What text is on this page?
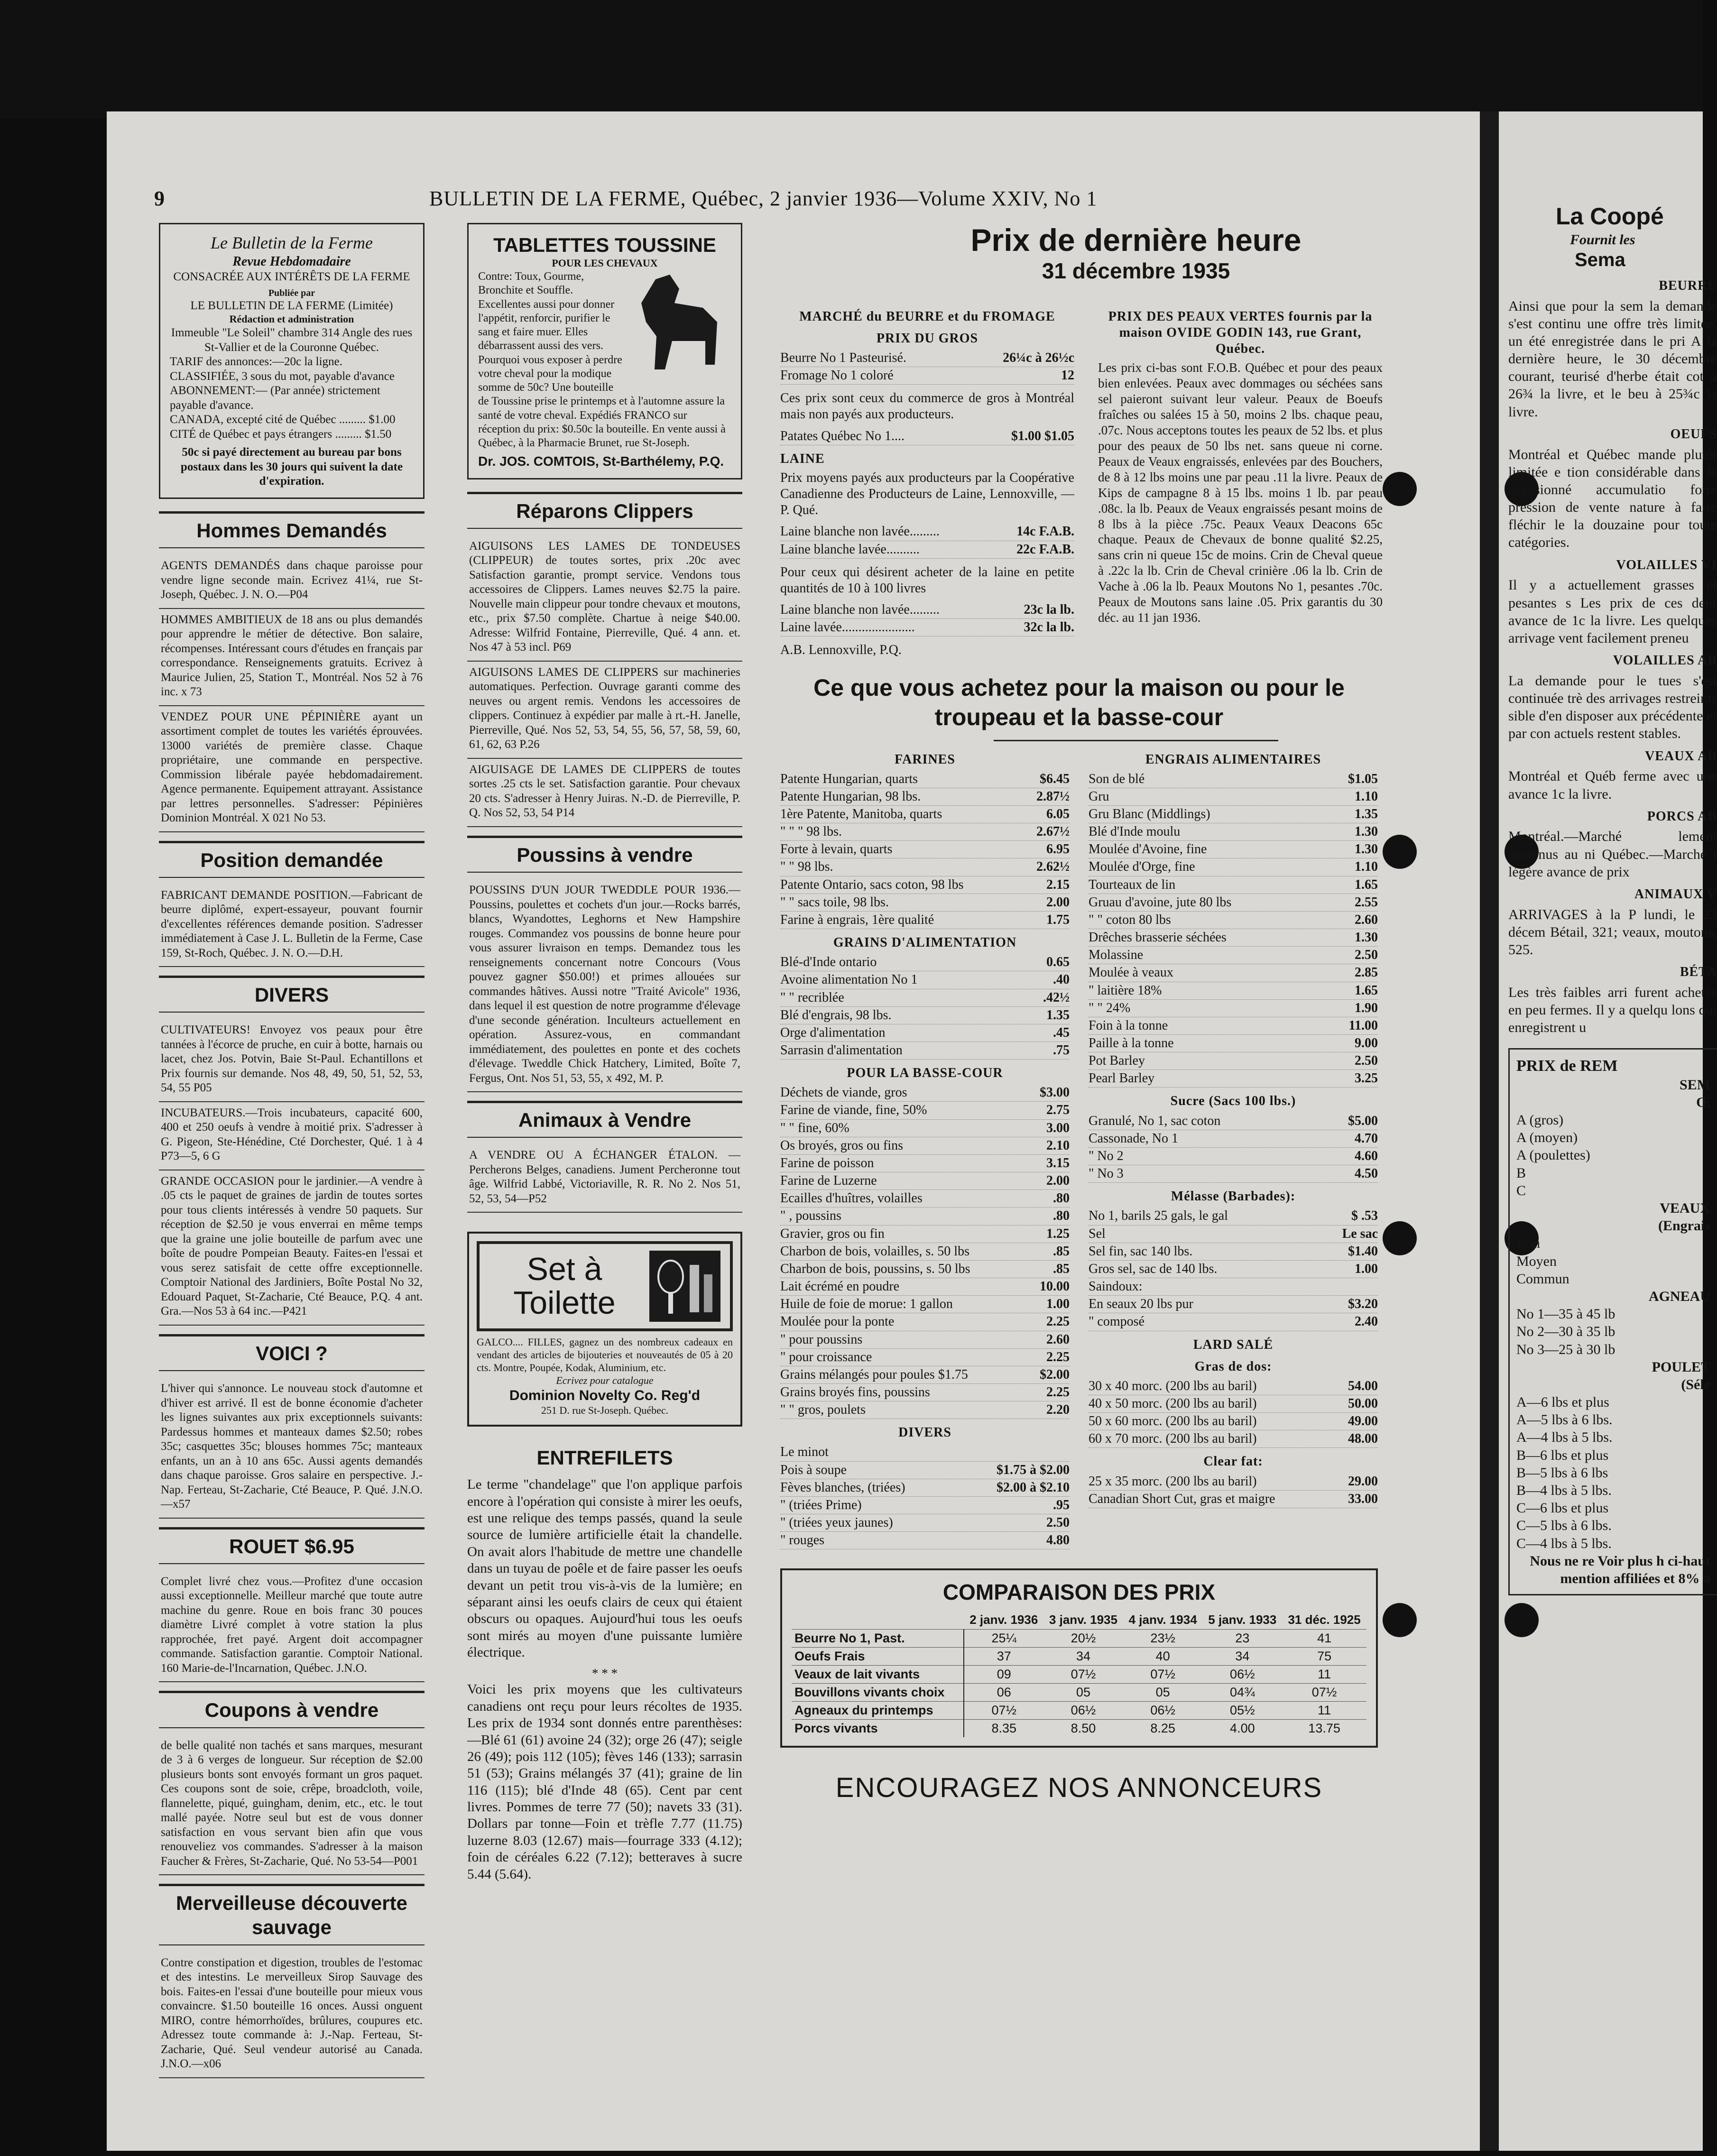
9	BULLETIN DE LA FERME, Québec, 2 janvier 1936—Volume XXIV, No 1
Le Bulletin de la Ferme
Revue Hebdomadaire
CONSACRÉE AUX INTÉRÊTS DE LA FERME
Publiée par
LE BULLETIN DE LA FERME (Limitée)
Rédaction et administration
Immeuble "Le Soleil" chambre 314 Angle des rues St-Vallier et de la Couronne Québec.
TARIF des annonces:—20c la ligne.
CLASSIFIÉE, 3 sous du mot, payable d'avance
ABONNEMENT:— (Par année) strictement payable d'avance.
CANADA, excepté cité de Québec ......... $1.00
CITÉ de Québec et pays étrangers ......... $1.50
50c si payé directement au bureau par bons postaux dans les 30 jours qui suivent la date d'expiration.
Hommes Demandés
AGENTS DEMANDÉS dans chaque paroisse pour vendre ligne seconde main. Ecrivez 41¼, rue St-Joseph, Québec. J. N. O.—P04
HOMMES AMBITIEUX de 18 ans ou plus demandés pour apprendre le métier de détective. Bon salaire, récompenses. Intéressant cours d'études en français par correspondance. Renseignements gratuits. Ecrivez à Maurice Julien, 25, Station T., Montréal. Nos 52 à 76 inc. x 73
VENDEZ POUR UNE PÉPINIÈRE ayant un assortiment complet de toutes les variétés éprouvées. 13000 variétés de première classe. Chaque propriétaire, une commande en perspective. Commission libérale payée hebdomadairement. Agence permanente. Equipement attrayant. Assistance par lettres personnelles. S'adresser: Pépinières Dominion Montréal. X 021 No 53.
Position demandée
FABRICANT DEMANDE POSITION.—Fabricant de beurre diplômé, expert-essayeur, pouvant fournir d'excellentes références demande position. S'adresser immédiatement à Case J. L. Bulletin de la Ferme, Case 159, St-Roch, Québec. J. N. O.—D.H.
DIVERS
CULTIVATEURS! Envoyez vos peaux pour être tannées à l'écorce de pruche, en cuir à botte, harnais ou lacet, chez Jos. Potvin, Baie St-Paul. Echantillons et Prix fournis sur demande. Nos 48, 49, 50, 51, 52, 53, 54, 55 P05
INCUBATEURS.—Trois incubateurs, capacité 600, 400 et 250 oeufs à vendre à moitié prix. S'adresser à G. Pigeon, Ste-Hénédine, Cté Dorchester, Qué. 1 à 4 P73—5, 6 G
GRANDE OCCASION pour le jardinier.—A vendre à .05 cts le paquet de graines de jardin de toutes sortes pour tous clients intéressés à vendre 50 paquets. Sur réception de $2.50 je vous enverrai en même temps que la graine une jolie bouteille de parfum avec une boîte de poudre Pompeian Beauty. Faites-en l'essai et vous serez satisfait de cette offre exceptionnelle. Comptoir National des Jardiniers, Boîte Postal No 32, Edouard Paquet, St-Zacharie, Cté Beauce, P.Q. 4 ant. Gra.—Nos 53 à 64 inc.—P421
VOICI ?
L'hiver qui s'annonce. Le nouveau stock d'automne et d'hiver est arrivé. Il est de bonne économie d'acheter les lignes suivantes aux prix exceptionnels suivants: Pardessus hommes et manteaux dames $2.50; robes 35c; casquettes 35c; blouses hommes 75c; manteaux enfants, un an à 10 ans 65c. Aussi agents demandés dans chaque paroisse. Gros salaire en perspective. J.-Nap. Ferteau, St-Zacharie, Cté Beauce, P. Qué. J.N.O.—x57
ROUET $6.95
Complet livré chez vous.—Profitez d'une occasion aussi exceptionnelle. Meilleur marché que toute autre machine du genre. Roue en bois franc 30 pouces diamètre Livré complet à votre station la plus rapprochée, fret payé. Argent doit accompagner commande. Satisfaction garantie. Comptoir National. 160 Marie-de-l'Incarnation, Québec. J.N.O.
Coupons à vendre
de belle qualité non tachés et sans marques, mesurant de 3 à 6 verges de longueur. Sur réception de $2.00 plusieurs bonts sont envoyés formant un gros paquet. Ces coupons sont de soie, crêpe, broadcloth, voile, flannelette, piqué, guingham, denim, etc., etc. le tout mallé payée. Notre seul but est de vous donner satisfaction en vous servant bien afin que vous renouveliez vos commandes. S'adresser à la maison Faucher & Frères, St-Zacharie, Qué. No 53-54—P001
Merveilleuse découverte sauvage
Contre constipation et digestion, troubles de l'estomac et des intestins. Le merveilleux Sirop Sauvage des bois. Faites-en l'essai d'une bouteille pour mieux vous convaincre. $1.50 bouteille 16 onces. Aussi onguent MIRO, contre hémorrhoïdes, brûlures, coupures etc. Adressez toute commande à: J.-Nap. Ferteau, St-Zacharie, Qué. Seul vendeur autorisé au Canada. J.N.O.—x06
TABLETTES TOUSSINE
POUR LES CHEVAUX
Contre: Toux, Gourme, Bronchite et Souffle. Excellentes aussi pour donner l'appétit, renforcir, purifier le sang et faire muer. Elles débarrassent aussi des vers. Pourquoi vous exposer à perdre votre cheval pour la modique somme de 50c? Une bouteille de Toussine prise le printemps et à l'automne assure la santé de votre cheval. Expédiés FRANCO sur réception du prix: $0.50c la bouteille. En vente aussi à Québec, à la Pharmacie Brunet, rue St-Joseph.
Dr. JOS. COMTOIS, St-Barthélemy, P.Q.
Réparons Clippers
AIGUISONS LES LAMES DE TONDEUSES (CLIPPEUR) de toutes sortes, prix .20c avec Satisfaction garantie, prompt service. Vendons tous accessoires de Clippers. Lames neuves $2.75 la paire. Nouvelle main clippeur pour tondre chevaux et moutons, etc., prix $7.50 complète. Chartue à neige $40.00. Adresse: Wilfrid Fontaine, Pierreville, Qué. 4 ann. et. Nos 47 à 53 incl. P69
AIGUISONS LAMES DE CLIPPERS sur machineries automatiques. Perfection. Ouvrage garanti comme des neuves ou argent remis. Vendons les accessoires de clippers. Continuez à expédier par malle à rt.-H. Janelle, Pierreville, Qué. Nos 52, 53, 54, 55, 56, 57, 58, 59, 60, 61, 62, 63 P.26
AIGUISAGE DE LAMES DE CLIPPERS de toutes sortes .25 cts le set. Satisfaction garantie. Pour chevaux 20 cts. S'adresser à Henry Juiras. N.-D. de Pierreville, P. Q. Nos 52, 53, 54 P14
Poussins à vendre
POUSSINS D'UN JOUR TWEDDLE POUR 1936.—Poussins, poulettes et cochets d'un jour.—Rocks barrés, blancs, Wyandottes, Leghorns et New Hampshire rouges. Commandez vos poussins de bonne heure pour vous assurer livraison en temps. Demandez tous les renseignements concernant notre Concours (Vous pouvez gagner $50.00!) et primes allouées sur commandes hâtives. Aussi notre "Traité Avicole" 1936, dans lequel il est question de notre programme d'élevage d'une seconde génération. Inculteurs actuellement en opération. Assurez-vous, en commandant immédiatement, des poulettes en ponte et des cochets d'élevage. Tweddle Chick Hatchery, Limited, Boîte 7, Fergus, Ont. Nos 51, 53, 55, x 492, M. P.
Animaux à Vendre
A VENDRE OU A ÉCHANGER ÉTALON. —Percherons Belges, canadiens. Jument Percheronne tout âge. Wilfrid Labbé, Victoriaville, R. R. No 2. Nos 51, 52, 53, 54—P52
Set à Toilette
GALCO.... FILLES, gagnez un des nombreux cadeaux en vendant des articles de bijouteries et nouveautés de 05 à 20 cts. Montre, Poupée, Kodak, Aluminium, etc.
Ecrivez pour catalogue
Dominion Novelty Co. Reg'd
251 D. rue St-Joseph. Québec.
ENTREFILETS
Le terme "chandelage" que l'on applique parfois encore à l'opération qui consiste à mirer les oeufs, est une relique des temps passés, quand la seule source de lumière artificielle était la chandelle. On avait alors l'habitude de mettre une chandelle dans un tuyau de poêle et de faire passer les oeufs devant un petit trou vis-à-vis de la lumière; en séparant ainsi les oeufs clairs de ceux qui étaient obscurs ou opaques. Aujourd'hui tous les oeufs sont mirés au moyen d'une puissante lumière électrique.
* * *
Voici les prix moyens que les cultivateurs canadiens ont reçu pour leurs récoltes de 1935. Les prix de 1934 sont donnés entre parenthèses:—Blé 61 (61) avoine 24 (32); orge 26 (47); seigle 26 (49); pois 112 (105); fèves 146 (133); sarrasin 51 (53); Grains mélangés 37 (41); graine de lin 116 (115); blé d'Inde 48 (65). Cent par cent livres. Pommes de terre 77 (50); navets 33 (31). Dollars par tonne—Foin et trèfle 7.77 (11.75) luzerne 8.03 (12.67) mais—fourrage 333 (4.12); foin de céréales 6.22 (7.12); betteraves à sucre 5.44 (5.64).
Prix de dernière heure
31 décembre 1935
MARCHÉ du BEURRE et du FROMAGE
PRIX DU GROS
Beurre No 1 Pasteurisé.	26¼c à 26½c
Fromage No 1 coloré	12
Ces prix sont ceux du commerce de gros à Montréal mais non payés aux producteurs.
Patates Québec No 1....	$1.00 $1.05
LAINE
Prix moyens payés aux producteurs par la Coopérative Canadienne des Producteurs de Laine, Lennoxville, — P. Qué.
Laine blanche non lavée.........	14c F.A.B.
Laine blanche lavée..........	22c F.A.B.
Pour ceux qui désirent acheter de la laine en petite quantités de 10 à 100 livres
Laine blanche non lavée.........	23c la lb.
Laine lavée......................	32c la lb.
A.B. Lennoxville, P.Q.
PRIX DES PEAUX VERTES fournis par la maison OVIDE GODIN 143, rue Grant, Québec.
Les prix ci-bas sont F.O.B. Québec et pour des peaux bien enlevées. Peaux avec dommages ou séchées sans sel paieront suivant leur valeur. Peaux de Boeufs fraîches ou salées 15 à 50, moins 2 lbs. chaque peau, .07c. Nous acceptons toutes les peaux de 52 lbs. et plus pour des peaux de 50 lbs net. sans queue ni corne. Peaux de Veaux engraissés, enlevées par des Bouchers, de 8 à 12 lbs moins une par peau .11 la livre. Peaux de Kips de campagne 8 à 15 lbs. moins 1 lb. par peau .08c. la lb. Peaux de Veaux engraissés pesant moins de 8 lbs à la pièce .75c. Peaux Veaux Deacons 65c chaque. Peaux de Chevaux de bonne qualité $2.25, sans crin ni queue 15c de moins. Crin de Cheval queue à .22c la lb. Crin de Cheval crinière .06 la lb. Crin de Vache à .06 la lb. Peaux Moutons No 1, pesantes .70c. Peaux de Moutons sans laine .05. Prix garantis du 30 déc. au 11 jan 1936.
Ce que vous achetez pour la maison ou pour le troupeau et la basse-cour
FARINES
Patente Hungarian, quarts	$6.45
Patente Hungarian, 98 lbs.	2.87½
1ère Patente, Manitoba, quarts	6.05
" " " 98 lbs.	2.67½
Forte à levain, quarts	6.95
" " 98 lbs.	2.62½
Patente Ontario, sacs coton, 98 lbs	2.15
" " sacs toile, 98 lbs.	2.00
Farine à engrais, 1ère qualité	1.75
GRAINS D'ALIMENTATION
Blé-d'Inde ontario	0.65
Avoine alimentation No 1	.40
" " recriblée	.42½
Blé d'engrais, 98 lbs.	1.35
Orge d'alimentation	.45
Sarrasin d'alimentation	.75
POUR LA BASSE-COUR
Déchets de viande, gros	$3.00
Farine de viande, fine, 50%	2.75
" " fine, 60%	3.00
Os broyés, gros ou fins	2.10
Farine de poisson	3.15
Farine de Luzerne	2.00
Ecailles d'huîtres, volailles	.80
" , poussins	.80
Gravier, gros ou fin	1.25
Charbon de bois, volailles, s. 50 lbs	.85
Charbon de bois, poussins, s. 50 lbs	.85
Lait écrémé en poudre	10.00
Huile de foie de morue: 1 gallon	1.00
Moulée pour la ponte	2.25
" pour poussins	2.60
" pour croissance	2.25
Grains mélangés pour poules $1.75	$2.00
Grains broyés fins, poussins	2.25
" " gros, poulets	2.20
DIVERS
Le minot
Pois à soupe	$1.75 à $2.00
Fèves blanches, (triées)	$2.00 à $2.10
" (triées Prime)	.95
" (triées yeux jaunes)	2.50
" rouges	4.80
ENGRAIS ALIMENTAIRES
Son de blé	$1.05
Gru	1.10
Gru Blanc (Middlings)	1.35
Blé d'Inde moulu	1.30
Moulée d'Avoine, fine	1.30
Moulée d'Orge, fine	1.10
Tourteaux de lin	1.65
Gruau d'avoine, jute 80 lbs	2.55
" " coton 80 lbs	2.60
Drêches brasserie séchées	1.30
Molassine	2.50
Moulée à veaux	2.85
" laitière 18%	1.65
" " 24%	1.90
Foin à la tonne	11.00
Paille à la tonne	9.00
Pot Barley	2.50
Pearl Barley	3.25
Sucre (Sacs 100 lbs.)
Granulé, No 1, sac coton	$5.00
Cassonade, No 1	4.70
" No 2	4.60
" No 3	4.50
Mélasse (Barbades):
No 1, barils 25 gals, le gal	$ .53
Sel	Le sac
Sel fin, sac 140 lbs.	$1.40
Gros sel, sac de 140 lbs.	1.00
Saindoux:
En seaux 20 lbs pur	$3.20
" composé	2.40
LARD SALÉ
Gras de dos:
30 x 40 morc. (200 lbs au baril)	54.00
40 x 50 morc. (200 lbs au baril)	50.00
50 x 60 morc. (200 lbs au baril)	49.00
60 x 70 morc. (200 lbs au baril)	48.00
Clear fat:
25 x 35 morc. (200 lbs au baril)	29.00
Canadian Short Cut, gras et maigre	33.00
COMPARAISON DES PRIX
	2 janv. 1936	3 janv. 1935	4 janv. 1934	5 janv. 1933	31 déc. 1925
Beurre No 1, Past.	25¼	20½	23½	23	41
Oeufs Frais	37	34	40	34	75
Veaux de lait vivants	09	07½	07½	06½	11
Bouvillons vivants choix	06	05	05	04¾	07½
Agneaux du printemps	07½	06½	06½	05½	11
Porcs vivants	8.35	8.50	8.25	4.00	13.75
ENCOURAGEZ NOS ANNONCEURS
La Coopé
Fournit les
Sema
BEURRE
Ainsi que pour la sem la demande s'est continu une offre très limitée, un été enregistrée dans le pri A la dernière heure, le 30 décembre courant, teurisé d'herbe était cot à 26¾ la livre, et le beu à 25¾c la livre.
OEUFS
Montréal et Québec mande plutôt limitée e tion considérable dans le occasionné accumulatio forte pression de vente nature à faire fléchir le la douzaine pour toute catégories.
VOLAILLES VI
Il y a actuellement grasses et pesantes s Les prix de ces denr avance de 1c la livre. Les quelques arrivage vent facilement preneu
VOLAILLES AB
La demande pour le tues s'est continuée trè des arrivages restreints sible d'en disposer aux précédente et par con actuels restent stables.
VEAUX AB
Montréal et Québ ferme avec une avance 1c la livre.
PORCS AB
Montréal.—Marché lement soutenus au ni Québec.—Marché t légère avance de prix
ANIMAUX V
ARRIVAGES à la P lundi, le 23 décem Bétail, 321; veaux, moutons, 525.
BÉTA
Les très faibles arri furent achetés en peu fermes. Il y a quelqu lons qui enregistrent u
PRIX de REM
SEM
Œ
A (gros)
A (moyen)
A (poulettes)
B
C
VEAUX
(Engrais
Bon
Moyen
Commun
AGNEAU
No 1—35 à 45 lb
No 2—30 à 35 lb
No 3—25 à 30 lb
POULET
(Séle
A—6 lbs et plus
A—5 lbs à 6 lbs.
A—4 lbs à 5 lbs.
B—6 lbs et plus
B—5 lbs à 6 lbs
B—4 lbs à 5 lbs.
C—6 lbs et plus
C—5 lbs à 6 lbs.
C—4 lbs à 5 lbs.
Nous ne re Voir plus h ci-haut mention affiliées et 8% a
